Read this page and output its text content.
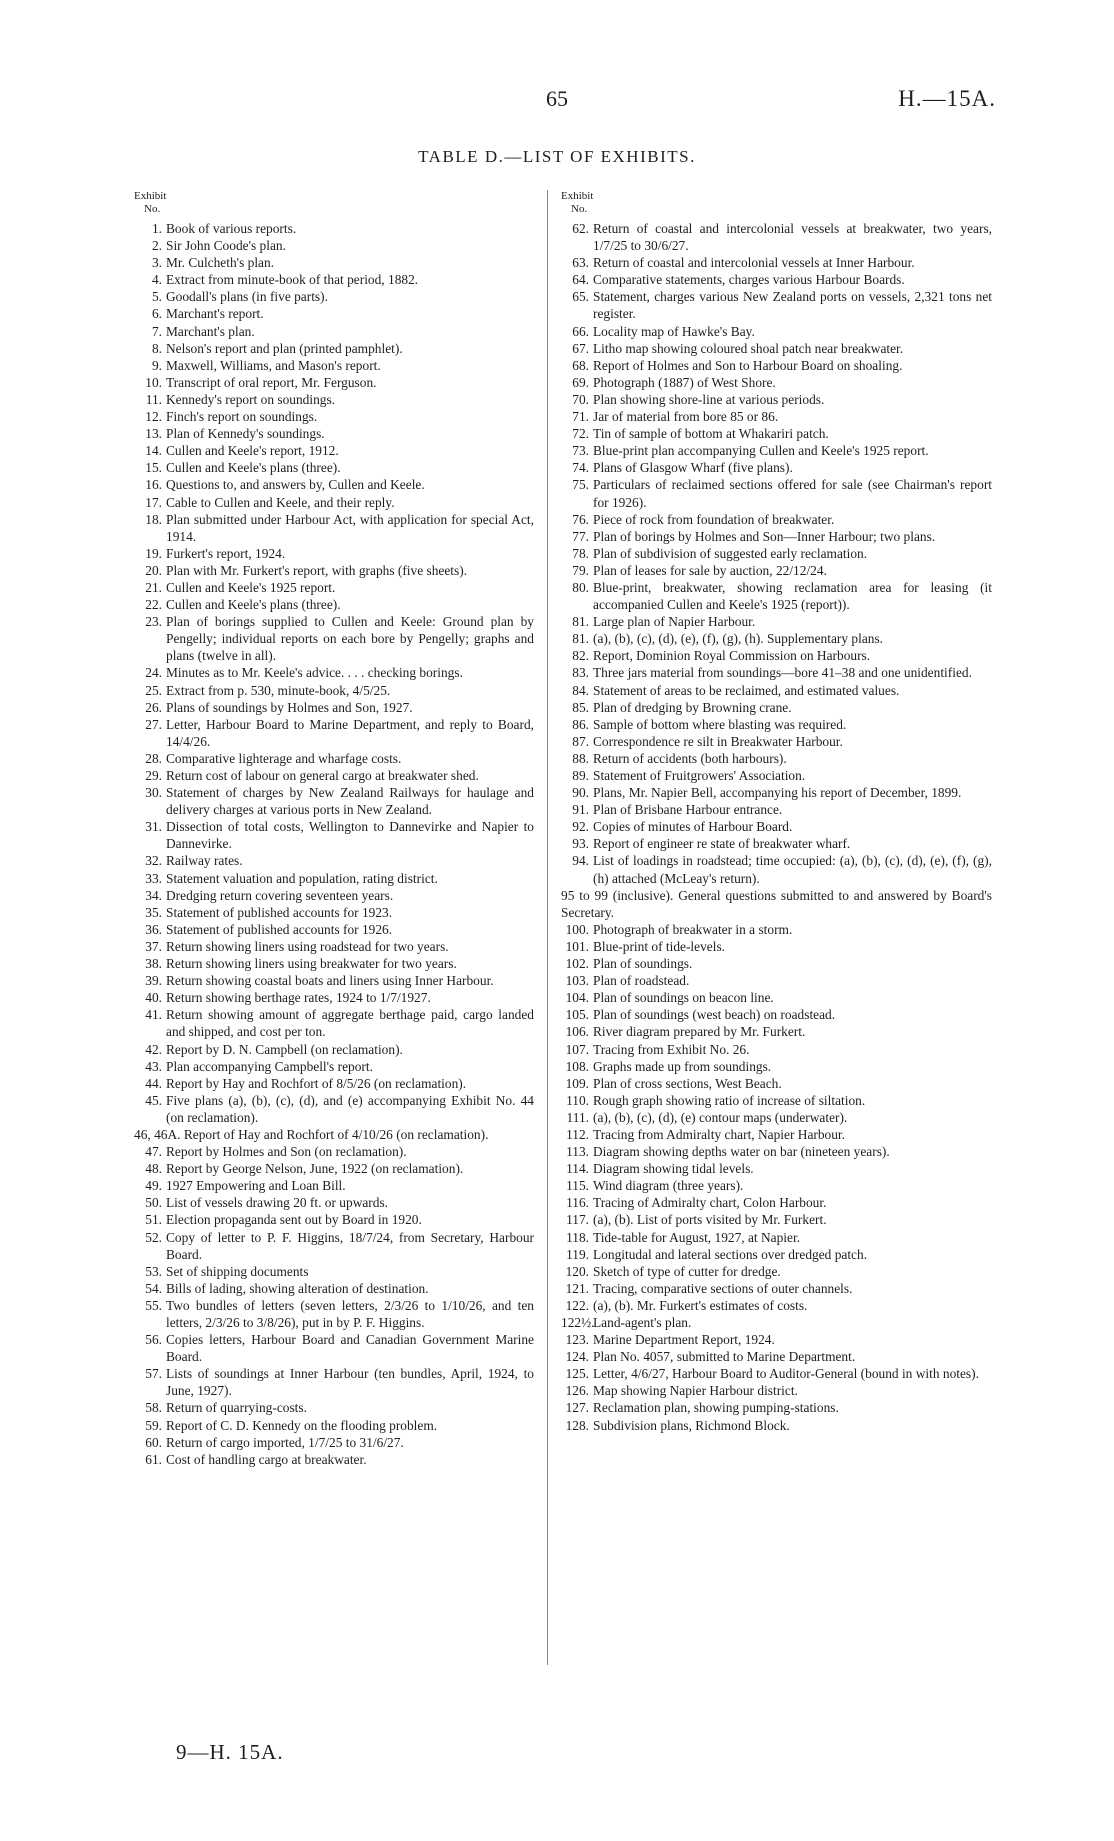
65	H.—15A.
TABLE D.—LIST OF EXHIBITS.
Exhibit
No.
1. Book of various reports.
2. Sir John Coode's plan.
3. Mr. Culcheth's plan.
4. Extract from minute-book of that period, 1882.
5. Goodall's plans (in five parts).
6. Marchant's report.
7. Marchant's plan.
8. Nelson's report and plan (printed pamphlet).
9. Maxwell, Williams, and Mason's report.
10. Transcript of oral report, Mr. Ferguson.
11. Kennedy's report on soundings.
12. Finch's report on soundings.
13. Plan of Kennedy's soundings.
14. Cullen and Keele's report, 1912.
15. Cullen and Keele's plans (three).
16. Questions to, and answers by, Cullen and Keele.
17. Cable to Cullen and Keele, and their reply.
18. Plan submitted under Harbour Act, with application for special Act, 1914.
19. Furkert's report, 1924.
20. Plan with Mr. Furkert's report, with graphs (five sheets).
21. Cullen and Keele's 1925 report.
22. Cullen and Keele's plans (three).
23. Plan of borings supplied to Cullen and Keele: Ground plan by Pengelly; individual reports on each bore by Pengelly; graphs and plans (twelve in all).
24. Minutes as to Mr. Keele's advice. . . . checking borings.
25. Extract from p. 530, minute-book, 4/5/25.
26. Plans of soundings by Holmes and Son, 1927.
27. Letter, Harbour Board to Marine Department, and reply to Board, 14/4/26.
28. Comparative lighterage and wharfage costs.
29. Return cost of labour on general cargo at breakwater shed.
30. Statement of charges by New Zealand Railways for haulage and delivery charges at various ports in New Zealand.
31. Dissection of total costs, Wellington to Dannevirke and Napier to Dannevirke.
32. Railway rates.
33. Statement valuation and population, rating district.
34. Dredging return covering seventeen years.
35. Statement of published accounts for 1923.
36. Statement of published accounts for 1926.
37. Return showing liners using roadstead for two years.
38. Return showing liners using breakwater for two years.
39. Return showing coastal boats and liners using Inner Harbour.
40. Return showing berthage rates, 1924 to 1/7/1927.
41. Return showing amount of aggregate berthage paid, cargo landed and shipped, and cost per ton.
42. Report by D. N. Campbell (on reclamation).
43. Plan accompanying Campbell's report.
44. Report by Hay and Rochfort of 8/5/26 (on reclamation).
45. Five plans (a), (b), (c), (d), and (e) accompanying Exhibit No. 44 (on reclamation).
46, 46A. Report of Hay and Rochfort of 4/10/26 (on reclamation).
47. Report by Holmes and Son (on reclamation).
48. Report by George Nelson, June, 1922 (on reclamation).
49. 1927 Empowering and Loan Bill.
50. List of vessels drawing 20 ft. or upwards.
51. Election propaganda sent out by Board in 1920.
52. Copy of letter to P. F. Higgins, 18/7/24, from Secretary, Harbour Board.
53. Set of shipping documents
54. Bills of lading, showing alteration of destination.
55. Two bundles of letters (seven letters, 2/3/26 to 1/10/26, and ten letters, 2/3/26 to 3/8/26), put in by P. F. Higgins.
56. Copies letters, Harbour Board and Canadian Government Marine Board.
57. Lists of soundings at Inner Harbour (ten bundles, April, 1924, to June, 1927).
58. Return of quarrying-costs.
59. Report of C. D. Kennedy on the flooding problem.
60. Return of cargo imported, 1/7/25 to 31/6/27.
61. Cost of handling cargo at breakwater.
Exhibit
No.
62. Return of coastal and intercolonial vessels at breakwater, two years, 1/7/25 to 30/6/27.
63. Return of coastal and intercolonial vessels at Inner Harbour.
64. Comparative statements, charges various Harbour Boards.
65. Statement, charges various New Zealand ports on vessels, 2,321 tons net register.
66. Locality map of Hawke's Bay.
67. Litho map showing coloured shoal patch near breakwater.
68. Report of Holmes and Son to Harbour Board on shoaling.
69. Photograph (1887) of West Shore.
70. Plan showing shore-line at various periods.
71. Jar of material from bore 85 or 86.
72. Tin of sample of bottom at Whakariri patch.
73. Blue-print plan accompanying Cullen and Keele's 1925 report.
74. Plans of Glasgow Wharf (five plans).
75. Particulars of reclaimed sections offered for sale (see Chairman's report for 1926).
76. Piece of rock from foundation of breakwater.
77. Plan of borings by Holmes and Son—Inner Harbour; two plans.
78. Plan of subdivision of suggested early reclamation.
79. Plan of leases for sale by auction, 22/12/24.
80. Blue-print, breakwater, showing reclamation area for leasing (it accompanied Cullen and Keele's 1925 (report)).
81. Large plan of Napier Harbour.
81. (a), (b), (c), (d), (e), (f), (g), (h). Supplementary plans.
82. Report, Dominion Royal Commission on Harbours.
83. Three jars material from soundings—bore 41–38 and one unidentified.
84. Statement of areas to be reclaimed, and estimated values.
85. Plan of dredging by Browning crane.
86. Sample of bottom where blasting was required.
87. Correspondence re silt in Breakwater Harbour.
88. Return of accidents (both harbours).
89. Statement of Fruitgrowers' Association.
90. Plans, Mr. Napier Bell, accompanying his report of December, 1899.
91. Plan of Brisbane Harbour entrance.
92. Copies of minutes of Harbour Board.
93. Report of engineer re state of breakwater wharf.
94. List of loadings in roadstead; time occupied: (a), (b), (c), (d), (e), (f), (g), (h) attached (McLeay's return).
95 to 99 (inclusive). General questions submitted to and answered by Board's Secretary.
100. Photograph of breakwater in a storm.
101. Blue-print of tide-levels.
102. Plan of soundings.
103. Plan of roadstead.
104. Plan of soundings on beacon line.
105. Plan of soundings (west beach) on roadstead.
106. River diagram prepared by Mr. Furkert.
107. Tracing from Exhibit No. 26.
108. Graphs made up from soundings.
109. Plan of cross sections, West Beach.
110. Rough graph showing ratio of increase of siltation.
111. (a), (b), (c), (d), (e) contour maps (underwater).
112. Tracing from Admiralty chart, Napier Harbour.
113. Diagram showing depths water on bar (nineteen years).
114. Diagram showing tidal levels.
115. Wind diagram (three years).
116. Tracing of Admiralty chart, Colon Harbour.
117. (a), (b). List of ports visited by Mr. Furkert.
118. Tide-table for August, 1927, at Napier.
119. Longitudal and lateral sections over dredged patch.
120. Sketch of type of cutter for dredge.
121. Tracing, comparative sections of outer channels.
122. (a), (b). Mr. Furkert's estimates of costs.
122½.
Land-agent's plan.
123. Marine Department Report, 1924.
124. Plan No. 4057, submitted to Marine Department.
125. Letter, 4/6/27, Harbour Board to Auditor-General (bound in with notes).
126. Map showing Napier Harbour district.
127. Reclamation plan, showing pumping-stations.
128. Subdivision plans, Richmond Block.
9—H. 15A.
